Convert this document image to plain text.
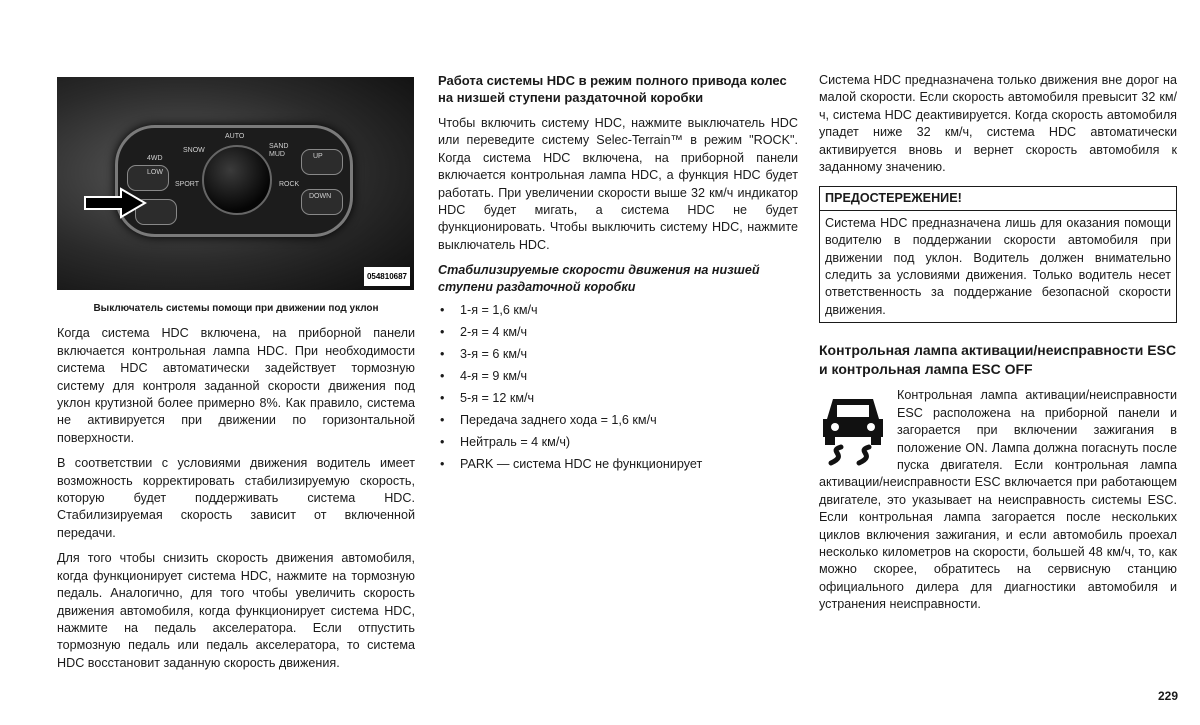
AUTO
SNOW
SAND MUD
4WD
LOW
SPORT	ROCK
UP
DOWN
054810687
Выключатель системы помощи при движении под уклон

Когда система HDC включена, на приборной панели включается контрольная лампа HDC. При необходимости система HDC автоматически задействует тормозную систему для контроля заданной скорости движения под уклон крутизной более примерно 8%. Как правило, система не активируется при движении по горизонтальной поверхности.

В соответствии с условиями движения водитель имеет возможность корректировать стабилизируемую скорость, которую будет поддерживать система HDC. Стабилизируемая скорость зависит от включенной передачи.

Для того чтобы снизить скорость движения автомобиля, когда функционирует система HDC, нажмите на тормозную педаль. Аналогично, для того чтобы увеличить скорость движения автомобиля, когда функционирует система HDC, нажмите на педаль акселератора. Если отпустить тормозную педаль или педаль акселератора, то система HDC восстановит заданную скорость движения.

Работа системы HDC в режим полного привода колес на низшей ступени раздаточной коробки

Чтобы включить систему HDC, нажмите выключатель HDC или переведите систему Selec-Terrain™ в режим "ROCK". Когда система HDC включена, на приборной панели включается контрольная лампа HDC, а функция HDC будет работать. При увеличении скорости выше 32 км/ч индикатор HDC будет мигать, а система HDC не будет функционировать. Чтобы выключить систему HDC, нажмите выключатель HDC.

Стабилизируемые скорости движения на низшей ступени раздаточной коробки
• 1-я = 1,6 км/ч
• 2-я = 4 км/ч
• 3-я = 6 км/ч
• 4-я = 9 км/ч
• 5-я = 12 км/ч
• Передача заднего хода = 1,6 км/ч
• Нейтраль = 4 км/ч)
• PARK — система HDC не функционирует

Система HDC предназначена только движения вне дорог на малой скорости. Если скорость автомобиля превысит 32 км/ч, система HDC деактивируется. Когда скорость автомобиля упадет ниже 32 км/ч, система HDC автоматически активируется вновь и вернет скорость автомобиля к заданному значению.

ПРЕДОСТЕРЕЖЕНИЕ!
Система HDC предназначена лишь для оказания помощи водителю в поддержании скорости автомобиля при движении под уклон. Водитель должен внимательно следить за условиями движения. Только водитель несет ответственность за поддержание безопасной скорости движения.
Контрольная лампа активации/неисправности ESC и контрольная лампа ESC OFF

Контрольная лампа активации/неисправности ESC расположена на приборной панели и загорается при включении зажигания в положение ON. Лампа должна погаснуть после пуска двигателя. Если контрольная лампа активации/неисправности ESC включается при работающем двигателе, это указывает на неисправность системы ESC. Если контрольная лампа загорается после нескольких циклов включения зажигания, и если автомобиль проехал несколько километров на скорости, большей 48 км/ч, то, как можно скорее, обратитесь на сервисную станцию официального дилера для диагностики автомобиля и устранения неисправности.

229
